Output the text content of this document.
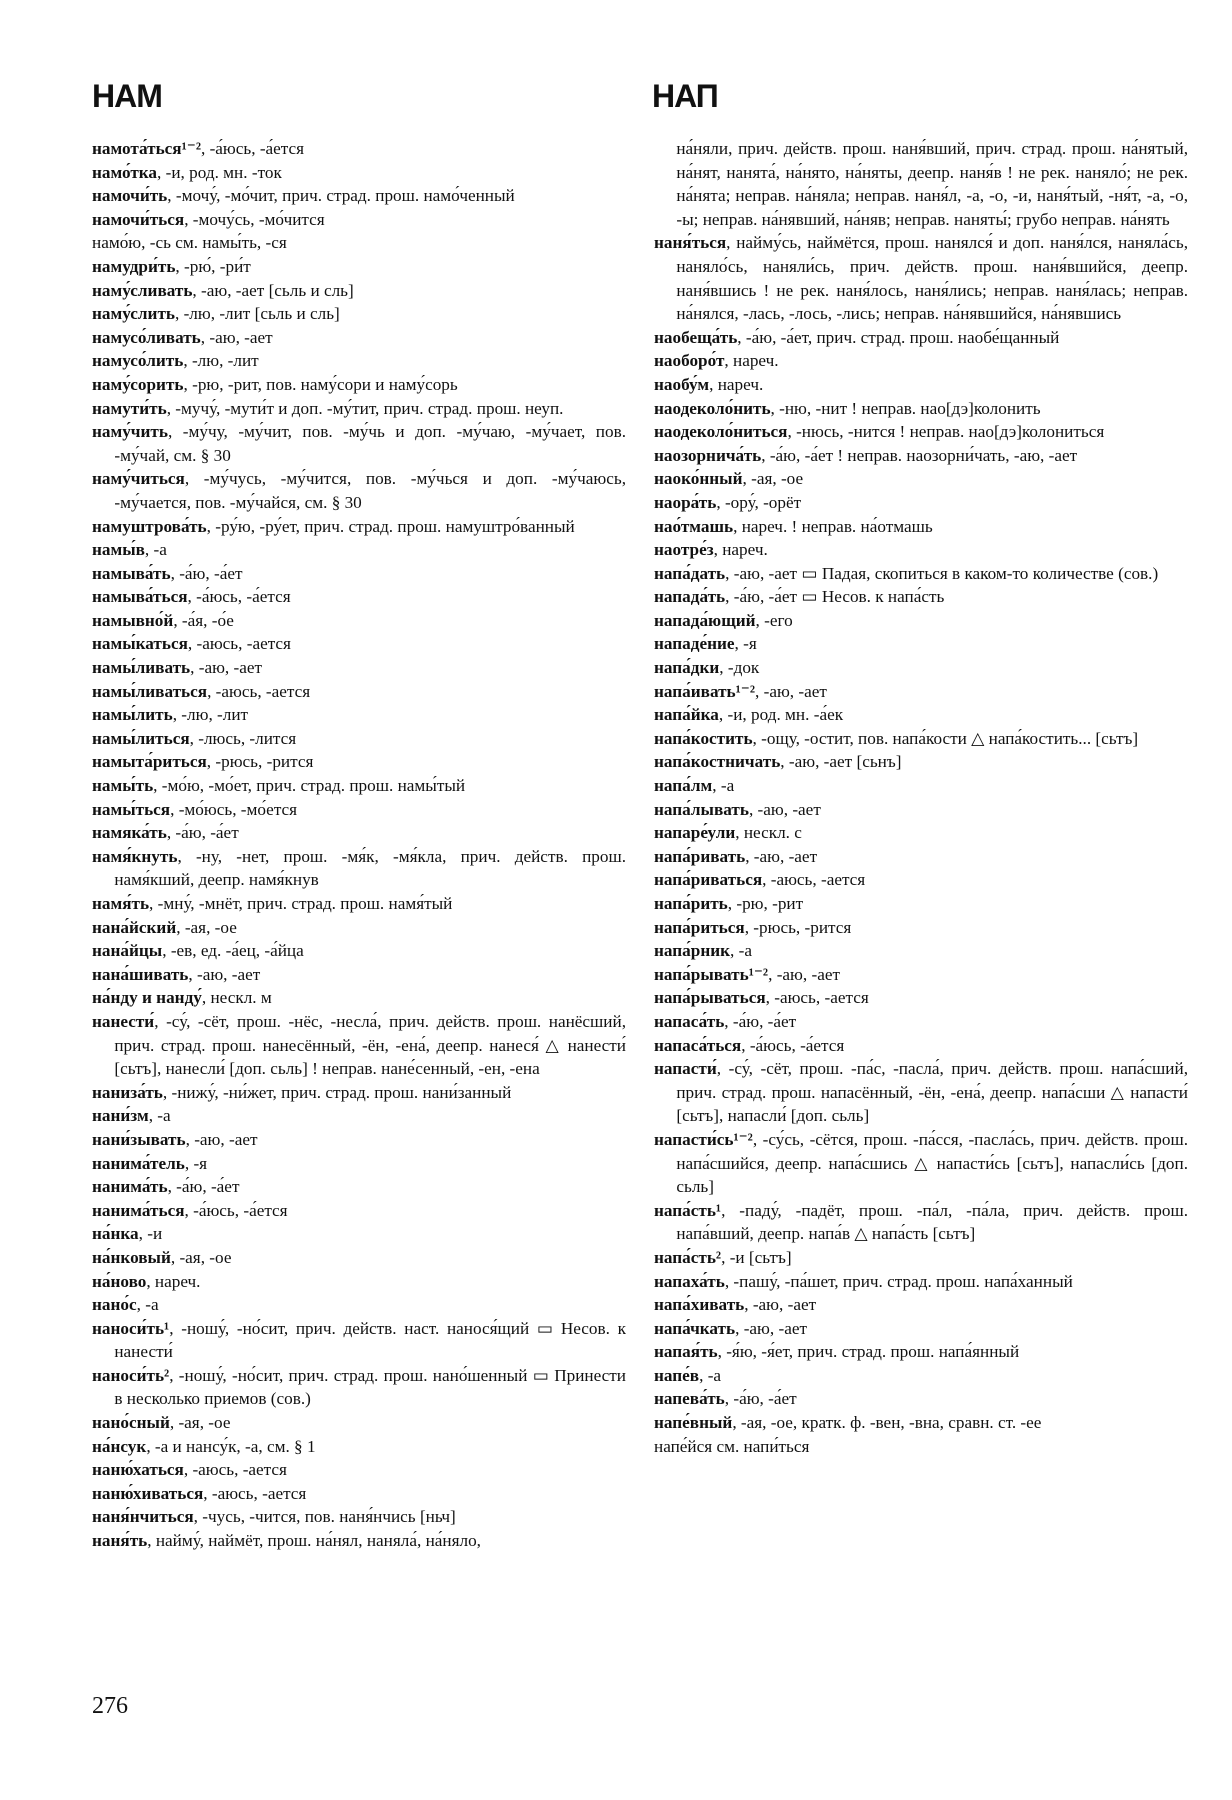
НАМ	НАП

намота́ться¹⁻², -а́юсь, -а́ется

намо́тка, -и, род. мн. -ток

намочи́ть, -мочу́, -мо́чит, прич. страд. прош. намо́ченный

намочи́ться, -мочу́сь, -мо́чится

намо́ю, -сь см. намы́ть, -ся

намудри́ть, -рю́, -ри́т

наму́сливать, -аю, -ает [сьль и сль]

наму́слить, -лю, -лит [сьль и сль]

намусо́ливать, -аю, -ает

намусо́лить, -лю, -лит

наму́сорить, -рю, -рит, пов. наму́сори и наму́сорь

намути́ть, -мучу́, -мути́т и доп. -му́тит, прич. страд. прош. неуп.

наму́чить, -му́чу, -му́чит, пов. -му́чь и доп. -му́чаю, -му́чает, пов. -му́чай, см. § 30

наму́читься, -му́чусь, -му́чится, пов. -му́чься и доп. -му́чаюсь, -му́чается, пов. -му́чайся, см. § 30

намуштрова́ть, -ру́ю, -ру́ет, прич. страд. прош. намуштро́ванный

намы́в, -а

намыва́ть, -а́ю, -а́ет

намыва́ться, -а́юсь, -а́ется

намывно́й, -а́я, -о́е

намы́каться, -аюсь, -ается

намы́ливать, -аю, -ает

намы́ливаться, -аюсь, -ается

намы́лить, -лю, -лит

намы́литься, -люсь, -лится

намыта́риться, -рюсь, -рится

намы́ть, -мо́ю, -мо́ет, прич. страд. прош. намы́тый

намы́ться, -мо́юсь, -мо́ется

намяка́ть, -а́ю, -а́ет

намя́кнуть, -ну, -нет, прош. -мя́к, -мя́кла, прич. действ. прош. намя́кший, деепр. намя́кнув

намя́ть, -мну́, -мнёт, прич. страд. прош. намя́тый

нана́йский, -ая, -ое

нана́йцы, -ев, ед. -а́ец, -а́йца

нана́шивать, -аю, -ает

на́нду и нанду́, нескл. м

нанести́, -су́, -сёт, прош. -нёс, -несла́, прич. действ. прош. нанёсший, прич. страд. прош. нанесённый, -ён, -ена́, деепр. нанеся́ △ нанести́ [сьтъ], нанесли́ [доп. сьль] ! неправ. нане́сенный, -ен, -ена

наниза́ть, -нижу́, -ни́жет, прич. страд. прош. нани́занный

нани́зм, -а

нани́зывать, -аю, -ает

нанима́тель, -я

нанима́ть, -а́ю, -а́ет

нанима́ться, -а́юсь, -а́ется

на́нка, -и

на́нковый, -ая, -ое

на́ново, нареч.

нано́с, -а

наноси́ть¹, -ношу́, -но́сит, прич. действ. наст. нанося́щий ▭ Несов. к нанести́

наноси́ть², -ношу́, -но́сит, прич. страд. прош. нано́шенный ▭ Принести в несколько приемов (сов.)

нано́сный, -ая, -ое

на́нсук, -а и нансу́к, -а, см. § 1

наню́хаться, -аюсь, -ается

наню́хиваться, -аюсь, -ается

наня́нчиться, -чусь, -чится, пов. наня́нчись [ньч]

наня́ть, найму́, наймёт, прош. на́нял, наняла́, на́няло,

на́няли, прич. действ. прош. наня́вший, прич. страд. прош. на́нятый, на́нят, нанята́, на́нято, на́няты, деепр. наня́в ! не рек. наняло́; не рек. на́нята; неправ. на́няла; неправ. наня́л, -а, -о, -и, наня́тый, -ня́т, -а, -о, -ы; неправ. на́нявший, на́няв; неправ. наняты́; грубо неправ. на́нять

наня́ться, найму́сь, наймётся, прош. нанялся́ и доп. наня́лся, наняла́сь, наняло́сь, наняли́сь, прич. действ. прош. наня́вшийся, деепр. наня́вшись ! не рек. наня́лось, наня́лись; неправ. наня́лась; неправ. на́нялся, -лась, -лось, -лись; неправ. на́нявшийся, на́нявшись

наобеща́ть, -а́ю, -а́ет, прич. страд. прош. наобе́щанный

наоборо́т, нареч.

наобу́м, нареч.

наодеколо́нить, -ню, -нит ! неправ. нао[дэ]колонить

наодеколо́ниться, -нюсь, -нится ! неправ. нао[дэ]колониться

наозорнича́ть, -а́ю, -а́ет ! неправ. наозорни́чать, -аю, -ает

наоко́нный, -ая, -ое

наора́ть, -ору́, -орёт

нао́тмашь, нареч. ! неправ. на́отмашь

наотре́з, нареч.

напа́дать, -аю, -ает ▭ Падая, скопиться в каком-то количестве (сов.)

напада́ть, -а́ю, -а́ет ▭ Несов. к напа́сть

напада́ющий, -его

нападе́ние, -я

напа́дки, -док

напа́ивать¹⁻², -аю, -ает

напа́йка, -и, род. мн. -а́ек

напа́костить, -ощу, -остит, пов. напа́кости △ напа́костить... [сьтъ]

напа́костничать, -аю, -ает [сьнъ]

напа́лм, -а

напа́лывать, -аю, -ает

напаре́ули, нескл. с

напа́ривать, -аю, -ает

напа́риваться, -аюсь, -ается

напа́рить, -рю, -рит

напа́риться, -рюсь, -рится

напа́рник, -а

напа́рывать¹⁻², -аю, -ает

напа́рываться, -аюсь, -ается

напаса́ть, -а́ю, -а́ет

напаса́ться, -а́юсь, -а́ется

напасти́, -су́, -сёт, прош. -па́с, -пасла́, прич. действ. прош. напа́сший, прич. страд. прош. напасённый, -ён, -ена́, деепр. напа́сши △ напасти́ [сьтъ], напасли́ [доп. сьль]

напасти́сь¹⁻², -су́сь, -сётся, прош. -па́сся, -пасла́сь, прич. действ. прош. напа́сшийся, деепр. напа́сшись △ напасти́сь [сьтъ], напасли́сь [доп. сьль]

напа́сть¹, -паду́, -падёт, прош. -па́л, -па́ла, прич. действ. прош. напа́вший, деепр. напа́в △ напа́сть [сьтъ]

напа́сть², -и [сьтъ]

напаха́ть, -пашу́, -па́шет, прич. страд. прош. напа́ханный

напа́хивать, -аю, -ает

напа́чкать, -аю, -ает

напая́ть, -я́ю, -я́ет, прич. страд. прош. напа́янный

напе́в, -а

напева́ть, -а́ю, -а́ет

напе́вный, -ая, -ое, кратк. ф. -вен, -вна, сравн. ст. -ее

напе́йся см. напи́ться

276
